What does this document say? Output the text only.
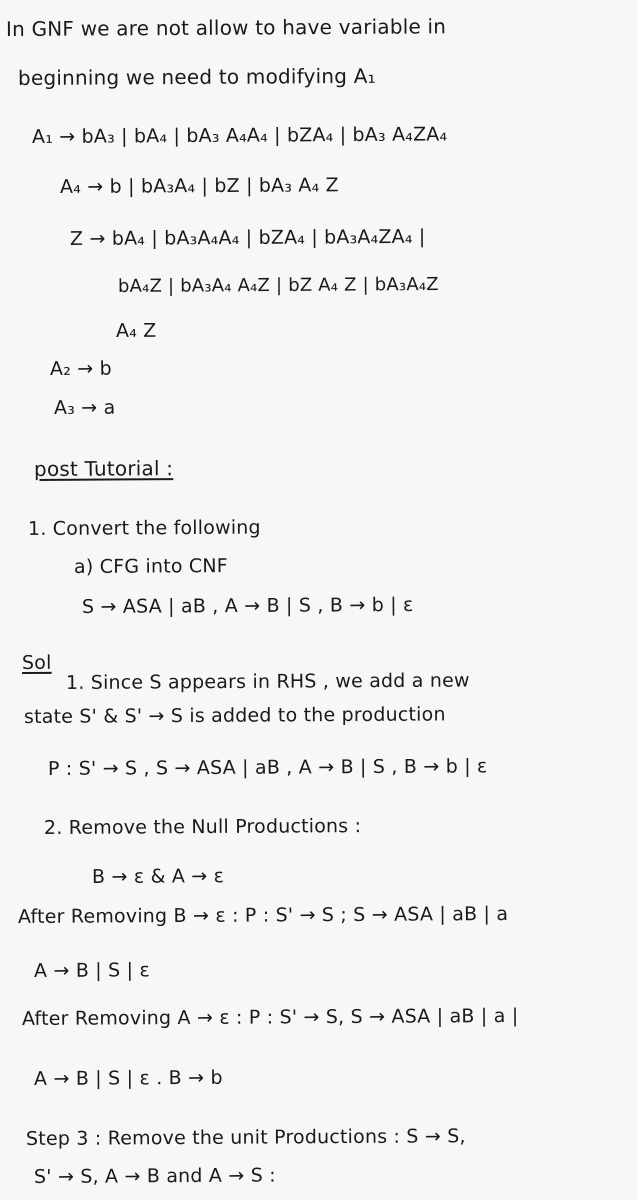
In GNF we are not allow to have variable in
beginning we need to modifying A₁
A₁ → bA₃ | bA₄ | bA₃ A₄A₄ | bZA₄ | bA₃ A₄ZA₄
A₄ → b | bA₃A₄ | bZ | bA₃ A₄ Z
Z → bA₄ | bA₃A₄A₄ | bZA₄ | bA₃A₄ZA₄ |
bA₄Z | bA₃A₄ A₄Z | bZ A₄ Z | bA₃A₄Z
A₄ Z
A₂ → b
A₃ → a
post Tutorial :
1. Convert the following
a) CFG into CNF
S → ASA | aB , A → B | S , B → b | ε
Sol
1. Since S appears in RHS , we add a new
state S' & S' → S is added to the production
P : S' → S , S → ASA | aB , A → B | S , B → b | ε
2. Remove the Null Productions :
B → ε & A → ε
After Removing B → ε : P : S' → S ; S → ASA | aB | a
A → B | S | ε
After Removing A → ε : P : S' → S, S → ASA | aB | a |
A → B | S | ε . B → b
Step 3 : Remove the unit Productions : S → S,
S' → S, A → B and A → S :
